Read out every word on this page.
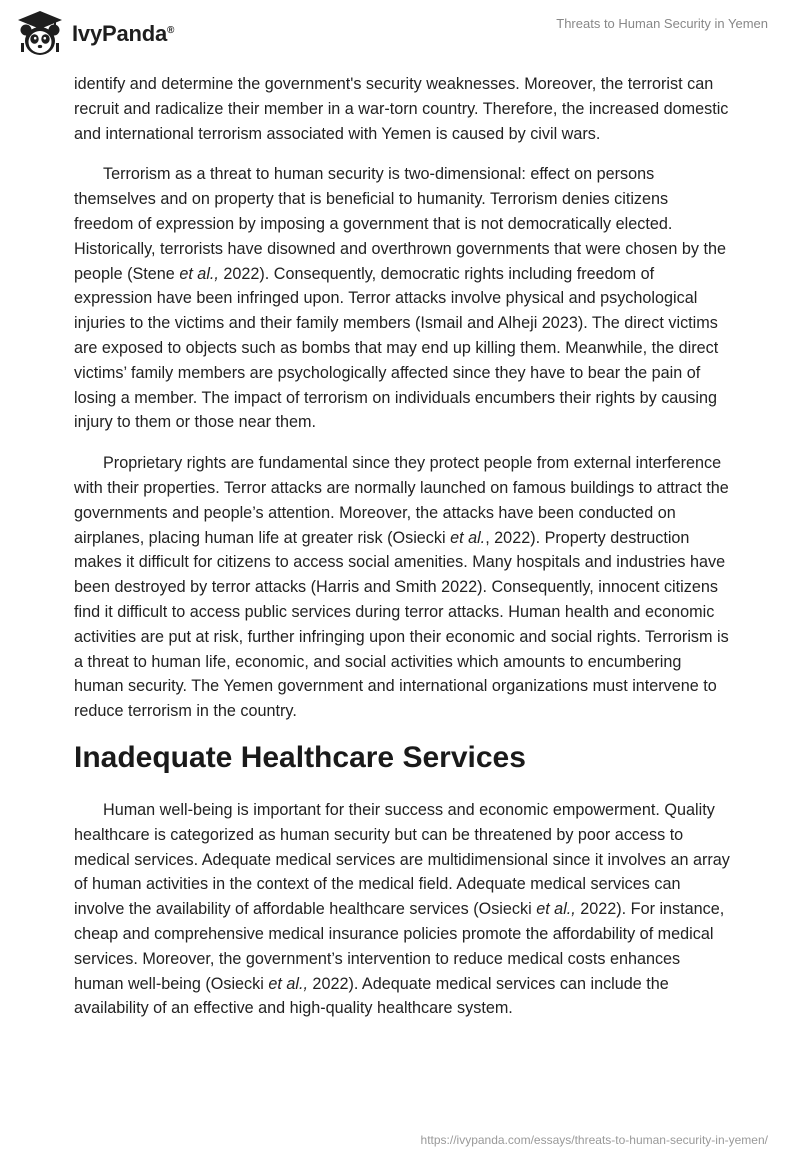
IvyPanda®	Threats to Human Security in Yemen

identify and determine the government's security weaknesses. Moreover, the terrorist can recruit and radicalize their member in a war-torn country. Therefore, the increased domestic and international terrorism associated with Yemen is caused by civil wars.

Terrorism as a threat to human security is two-dimensional: effect on persons themselves and on property that is beneficial to humanity. Terrorism denies citizens freedom of expression by imposing a government that is not democratically elected. Historically, terrorists have disowned and overthrown governments that were chosen by the people (Stene et al., 2022). Consequently, democratic rights including freedom of expression have been infringed upon. Terror attacks involve physical and psychological injuries to the victims and their family members (Ismail and Alheji 2023). The direct victims are exposed to objects such as bombs that may end up killing them. Meanwhile, the direct victims’ family members are psychologically affected since they have to bear the pain of losing a member. The impact of terrorism on individuals encumbers their rights by causing injury to them or those near them.

Proprietary rights are fundamental since they protect people from external interference with their properties. Terror attacks are normally launched on famous buildings to attract the governments and people’s attention. Moreover, the attacks have been conducted on airplanes, placing human life at greater risk (Osiecki et al., 2022). Property destruction makes it difficult for citizens to access social amenities. Many hospitals and industries have been destroyed by terror attacks (Harris and Smith 2022). Consequently, innocent citizens find it difficult to access public services during terror attacks. Human health and economic activities are put at risk, further infringing upon their economic and social rights. Terrorism is a threat to human life, economic, and social activities which amounts to encumbering human security. The Yemen government and international organizations must intervene to reduce terrorism in the country.

Inadequate Healthcare Services

Human well-being is important for their success and economic empowerment. Quality healthcare is categorized as human security but can be threatened by poor access to medical services. Adequate medical services are multidimensional since it involves an array of human activities in the context of the medical field. Adequate medical services can involve the availability of affordable healthcare services (Osiecki et al., 2022). For instance, cheap and comprehensive medical insurance policies promote the affordability of medical services. Moreover, the government’s intervention to reduce medical costs enhances human well-being (Osiecki et al., 2022). Adequate medical services can include the availability of an effective and high-quality healthcare system.

https://ivypanda.com/essays/threats-to-human-security-in-yemen/
